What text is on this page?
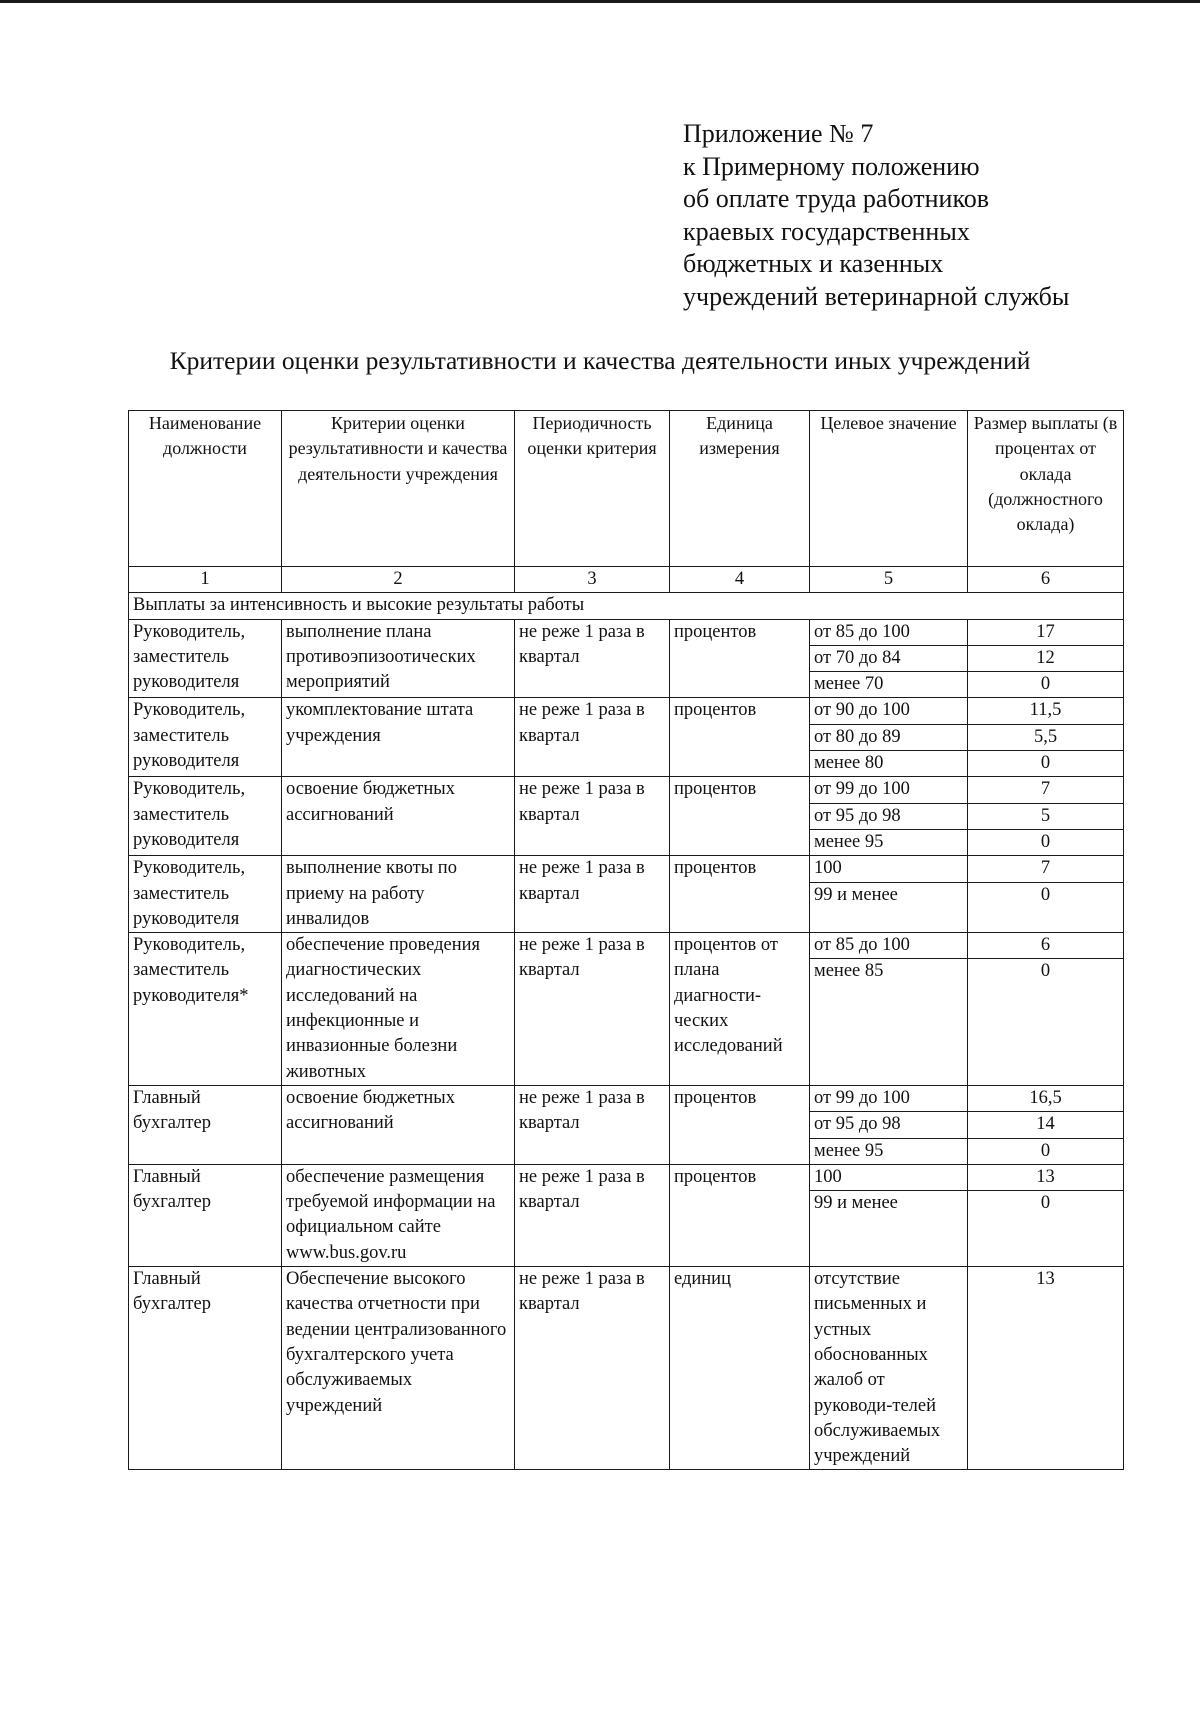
Приложение № 7
к Примерному положению
об оплате труда работников
краевых государственных
бюджетных и казенных
учреждений ветеринарной службы
Критерии оценки результативности и качества деятельности иных учреждений
Наименование должности	Критерии оценки результативности и качества деятельности учреждения	Периодичность оценки критерия	Единица измерения	Целевое значение	Размер выплаты (в процентах от оклада (должностного оклада)
1	2	3	4	5	6
Выплаты за интенсивность и высокие результаты работы					
Руководитель, заместитель руководителя	выполнение плана противоэпизоотических мероприятий	не реже 1 раза в квартал	процентов	от 85 до 100	17
				от 70 до 84	12
				менее 70	0
Руководитель, заместитель руководителя	укомплектование штата учреждения	не реже 1 раза в квартал	процентов	от 90 до 100	11,5
				от 80 до 89	5,5
				менее 80	0
Руководитель, заместитель руководителя	освоение бюджетных ассигнований	не реже 1 раза в квартал	процентов	от 99 до 100	7
				от 95 до 98	5
				менее 95	0
Руководитель, заместитель руководителя	выполнение квоты по приему на работу инвалидов	не реже 1 раза в квартал	процентов	100	7
				99 и менее	0

Руководитель, заместитель руководителя*	обеспечение проведения диагностических исследований на инфекционные и инвазионные болезни животных	не реже 1 раза в квартал	процентов от плана диагности-ческих исследований	от 85 до 100	6
				менее 85	0

Главный бухгалтер	освоение бюджетных ассигнований	не реже 1 раза в квартал	процентов	от 99 до 100	16,5
				от 95 до 98	14
				менее 95	0
Главный бухгалтер	обеспечение размещения требуемой информации на официальном сайте www.bus.gov.ru	не реже 1 раза в квартал	процентов	100	13
				99 и менее	0

Главный бухгалтер	Обеспечение высокого качества отчетности при ведении централизованного бухгалтерского учета обслуживаемых учреждений	не реже 1 раза в квартал	единиц	отсутствие письменных и устных обоснованных жалоб от руководи-телей обслуживаемых учреждений	13
